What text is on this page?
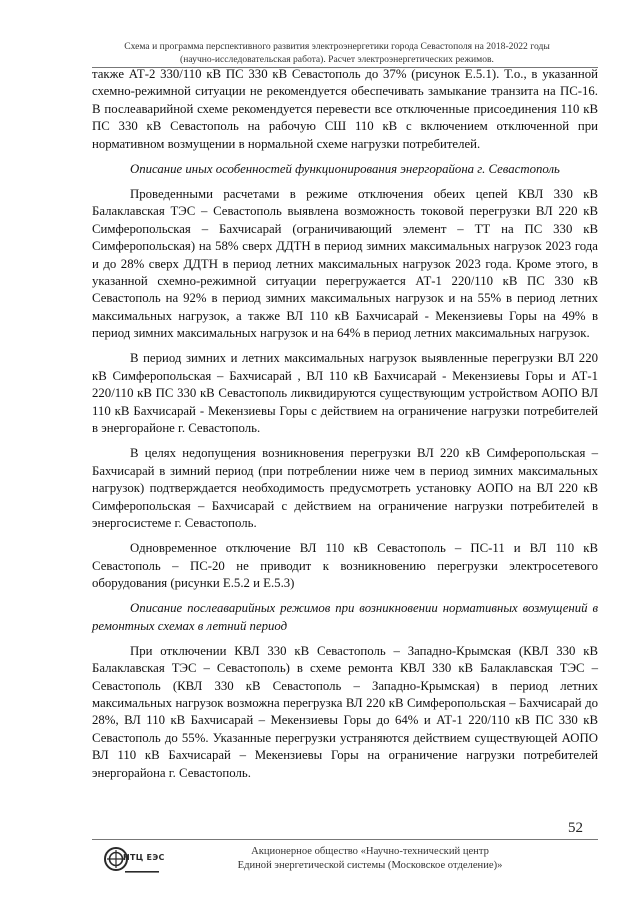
Схема и программа перспективного развития электроэнергетики города Севастополя на 2018-2022 годы
(научно-исследовательская работа). Расчет электроэнергетических режимов.

также АТ-2 330/110 кВ ПС 330 кВ Севастополь до 37% (рисунок Е.5.1). Т.о., в указанной схемно-режимной ситуации не рекомендуется обеспечивать замыкание транзита на ПС-16. В послеаварийной схеме рекомендуется перевести все отключенные присоединения 110 кВ ПС 330 кВ Севастополь на рабочую СШ 110 кВ с включением отключенной при нормативном возмущении в нормальной схеме нагрузки потребителей.

Описание иных особенностей функционирования энергорайона г. Севастополь

Проведенными расчетами в режиме отключения обеих цепей КВЛ 330 кВ Балаклавская ТЭС – Севастополь выявлена возможность токовой перегрузки ВЛ 220 кВ Симферопольская – Бахчисарай (ограничивающий элемент – ТТ на ПС 330 кВ Симферопольская) на 58% сверх ДДТН в период зимних максимальных нагрузок 2023 года и до 28% сверх ДДТН в период летних максимальных нагрузок 2023 года. Кроме этого, в указанной схемно-режимной ситуации перегружается АТ-1 220/110 кВ ПС 330 кВ Севастополь на 92% в период зимних максимальных нагрузок и на 55% в период летних максимальных нагрузок, а также ВЛ 110 кВ Бахчисарай - Мекензиевы Горы на 49% в период зимних максимальных нагрузок и на 64% в период летних максимальных нагрузок.

В период зимних и летних максимальных нагрузок выявленные перегрузки ВЛ 220 кВ Симферопольская – Бахчисарай , ВЛ 110 кВ Бахчисарай - Мекензиевы Горы и АТ-1 220/110 кВ ПС 330 кВ Севастополь ликвидируются существующим устройством АОПО ВЛ 110 кВ Бахчисарай - Мекензиевы Горы с действием на ограничение нагрузки потребителей в энергорайоне г. Севастополь.

В целях недопущения возникновения перегрузки ВЛ 220 кВ Симферопольская – Бахчисарай в зимний период (при потреблении ниже чем в период зимних максимальных нагрузок) подтверждается необходимость предусмотреть установку АОПО на ВЛ 220 кВ Симферопольская – Бахчисарай с действием на ограничение нагрузки потребителей в энергосистеме г. Севастополь.

Одновременное отключение ВЛ 110 кВ Севастополь – ПС-11 и ВЛ 110 кВ Севастополь – ПС-20 не приводит к возникновению перегрузки электросетевого оборудования (рисунки Е.5.2 и Е.5.3)

Описание послеаварийных режимов при возникновении нормативных возмущений в ремонтных схемах в летний период

При отключении КВЛ 330 кВ Севастополь – Западно-Крымская (КВЛ 330 кВ Балаклавская ТЭС – Севастополь) в схеме ремонта КВЛ 330 кВ Балаклавская ТЭС – Севастополь (КВЛ 330 кВ Севастополь – Западно-Крымская) в период летних максимальных нагрузок возможна перегрузка ВЛ 220 кВ Симферопольская – Бахчисарай до 28%, ВЛ 110 кВ Бахчисарай – Мекензиевы Горы до 64% и АТ-1 220/110 кВ ПС 330 кВ Севастополь до 55%. Указанные перегрузки устраняются действием существующей АОПО ВЛ 110 кВ Бахчисарай – Мекензиевы Горы на ограничение нагрузки потребителей энергорайона г. Севастополь.

52
НТЦ ЕЭС
Акционерное общество «Научно-технический центр
Единой энергетической системы (Московское отделение)»
